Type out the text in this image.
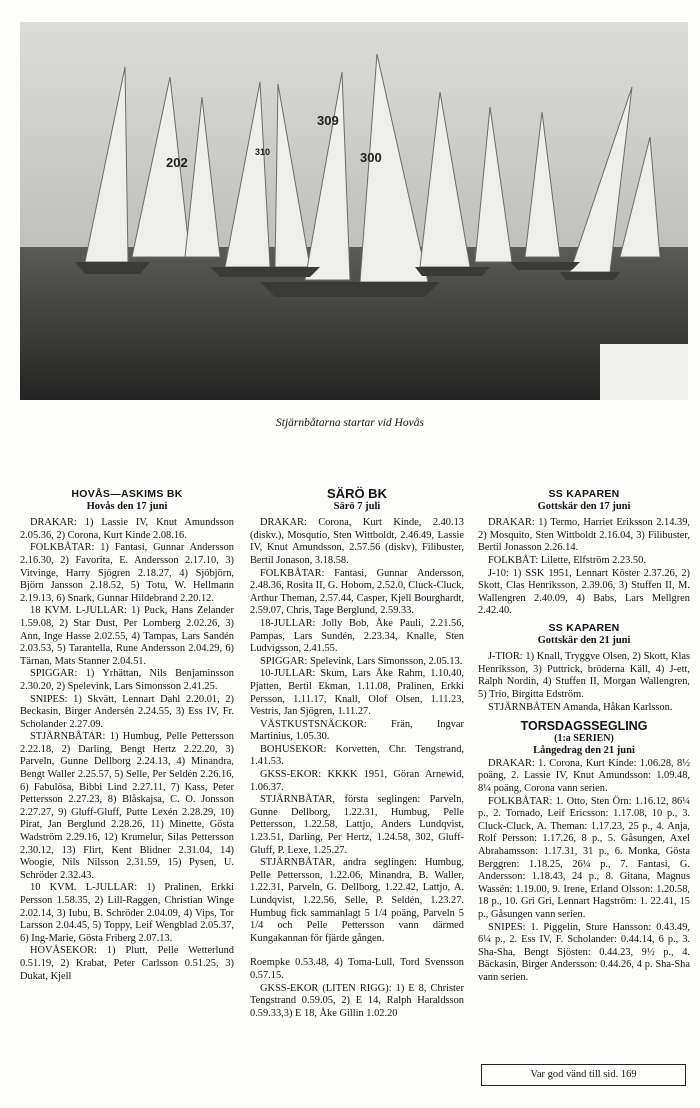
202
309
300
310
Stjärnbåtarna startar vid Hovås
HOVÅS—ASKIMS BK
Hovås den 17 juni

DRAKAR: 1) Lassie IV, Knut Amundsson 2.05.36, 2) Corona, Kurt Kinde 2.08.16.

FOLKBÅTAR: 1) Fantasi, Gunnar Andersson 2.16.30, 2) Favorita, E. Andersson 2.17.10, 3) Vitvinge, Harry Sjögren 2.18.27, 4) Sjöbjörn, Björn Jansson 2.18.52, 5) Totu, W. Hellmann 2.19.13, 6) Snark, Gunnar Hildebrand 2.20.12.

18 KVM. L-JULLAR: 1) Puck, Hans Zelander 1.59.08, 2) Star Dust, Per Lomberg 2.02.26, 3) Ann, Inge Hasse 2.02.55, 4) Tampas, Lars Sandén 2.03.53, 5) Tarantella, Rune Andersson 2.04.29, 6) Tärnan, Mats Stanner 2.04.51.

SPIGGAR: 1) Yrhättan, Nils Benjaminsson 2.30.20, 2) Spelevink, Lars Simonsson 2.41.25.

SNIPES: 1) Skvätt, Lennart Dahl 2.20.01, 2) Beckasin, Birger Andersén 2.24.55, 3) Ess IV, Fr. Scholander 2.27.09.

STJÄRNBÅTAR: 1) Humbug, Pelle Pettersson 2.22.18, 2) Darling, Bengt Hertz 2.22.20, 3) Parveln, Gunne Dellborg 2.24.13, 4) Minandra, Bengt Waller 2.25.57, 5) Selle, Per Seldén 2.26.16, 6) Fabulösa, Bibbi Lind 2.27.11, 7) Kass, Peter Pettersson 2.27.23, 8) Blåskajsa, C. O. Jonsson 2.27.27, 9) Gluff-Gluff, Putte Lexén 2.28.29, 10) Pirat, Jan Berglund 2.28.26, 11) Minette, Gösta Wadström 2.29.16, 12) Krumelur, Silas Pettersson 2.30.12, 13) Flirt, Kent Blidner 2.31.04, 14) Woogie, Nils Nilsson 2.31.59, 15) Pysen, U. Schröder 2.32.43.

10 KVM. L-JULLAR: 1) Pralinen, Erkki Persson 1.58.35, 2) Lill-Raggen, Christian Winge 2.02.14, 3) Iubu, B. Schröder 2.04.09, 4) Vips, Tor Larsson 2.04.45, 5) Toppy, Leif Wengblad 2.05.37, 6) Ing-Marie, Gösta Friberg 2.07.13.

HOVÅSEKOR: 1) Plutt, Pelle Wetterlund 0.51.19, 2) Krabat, Peter Carlsson 0.51.25, 3) Dukat, Kjell

SÄRÖ BK
Särö 7 juli

DRAKAR: Corona, Kurt Kinde, 2.40.13 (diskv.), Mosqutio, Sten Wittboldt, 2.46.49, Lassie IV, Knut Amundsson, 2.57.56 (diskv), Filibuster, Bertil Jonason, 3.18.58.

FOLKBÅTAR: Fantasi, Gunnar Andersson, 2.48.36, Rosita II, G. Hobom, 2.52.0, Cluck-Cluck, Arthur Theman, 2.57.44, Casper, Kjell Bourghardt, 2.59.07, Chris, Tage Berglund, 2.59.33.

18-JULLAR: Jolly Bob, Åke Pauli, 2.21.56, Pampas, Lars Sundén, 2.23.34, Knalle, Sten Ludvigsson, 2.41.55.

SPIGGAR: Spelevink, Lars Simonsson, 2.05.13.

10-JULLAR: Skum, Lars Åke Rahm, 1.10.40, Pjatten, Bertil Ekman, 1.11.08, Pralinen, Erkki Persson, 1.11.17, Knall, Olof Olsen, 1.11.23, Vestris, Jan Sjögren, 1.11.27.

VÄSTKUSTSNÄCKOR: Frän, Ingvar Martinius, 1.05.30.

BOHUSEKOR: Korvetten, Chr. Tengstrand, 1.41.53.

GKSS-EKOR: KKKK 1951, Göran Arnewid, 1.06.37.

STJÄRNBÅTAR, första seglingen: Parveln, Gunne Dellborg, 1.22.31, Humbug, Pelle Pettersson, 1.22.58, Lattjo, Anders Lundqvist, 1.23.51, Darling, Per Hertz, 1.24.58, 302, Gluff-Gluff, P. Lexe, 1.25.27.

STJÄRNBÅTAR, andra seglingen: Humbug, Pelle Pettersson, 1.22.06, Minandra, B. Waller, 1.22.31, Parveln, G. Dellborg, 1.22.42, Lattjo, A. Lundqvist, 1.22.56, Selle, P. Seldén, 1.23.27. Humbug fick sammanlagt 5 1/4 poäng, Parveln 5 1/4 och Pelle Pettersson vann därmed Kungakannan för fjärde gången.

Roempke 0.53.48, 4) Toma-Lull, Tord Svensson 0.57.15.

GKSS-EKOR (LITEN RIGG): 1) E 8, Christer Tengstrand 0.59.05, 2) E 14, Ralph Haraldsson 0.59.33,3) E 18, Åke Gillin 1.02.20

SS KAPAREN
Gottskär den 17 juni

DRAKAR: 1) Termo, Harriet Eriksson 2.14.39, 2) Mosquito, Sten Wittboldt 2.16.04, 3) Filibuster, Bertil Jonasson 2.26.14.

FOLKBÅT: Lilette, Elfström 2.23.50.

J-10: 1) SSK 1951, Lennart Köster 2.37.26, 2) Skott, Clas Henriksson, 2.39.06, 3) Stuffen II, M. Wallengren 2.40.09, 4) Babs, Lars Mellgren 2.42.40.

SS KAPAREN
Gottskär den 21 juni

J-TIOR: 1) Knall, Tryggve Olsen, 2) Skott, Klas Henriksson, 3) Puttrick, bröderna Käll, 4) J-ett, Ralph Nordin, 4) Stuffen II, Morgan Wallengren, 5) Trio, Birgitta Edström.

STJÄRNBÅTEN Amanda, Håkan Karlsson.

TORSDAGSSEGLING
(1:a SERIEN)
Långedrag den 21 juni

DRAKAR: 1. Corona, Kurt Kinde: 1.06.28, 8½ poäng, 2. Lassie IV, Knut Amundsson: 1.09.48, 8¼ poäng, Corona vann serien.

FOLKBÅTAR: 1. Otto, Sten Örn: 1.16.12, 86¼ p., 2. Tornado, Leif Ericsson: 1.17.08, 10 p., 3. Cluck-Cluck, A. Theman: 1.17.23, 25 p., 4. Anja, Rolf Persson: 1.17.26, 8 p., 5. Gåsungen, Axel Abrahamsson: 1.17.31, 31 p., 6. Monka, Gösta Berggren: 1.18.25, 26¼ p., 7. Fantasi, G. Andersson: 1.18.43, 24 p., 8. Gitana, Magnus Wassén: 1.19.00, 9. Irene, Erland Olsson: 1.20.58, 18 p., 10. Gri Gri, Lennart Hagström: 1. 22.41, 15 p., Gåsungen vann serien.

SNIPES: 1. Piggelin, Sture Hansson: 0.43.49, 6¼ p., 2. Ess IV, F. Scholander: 0.44.14, 6 p., 3. Sha-Sha, Bengt Sjösten: 0.44.23, 9½ p., 4. Bäckasin, Birger Andersson: 0.44.26, 4 p. Sha-Sha vann serien.

Var god vänd till sid. 169
